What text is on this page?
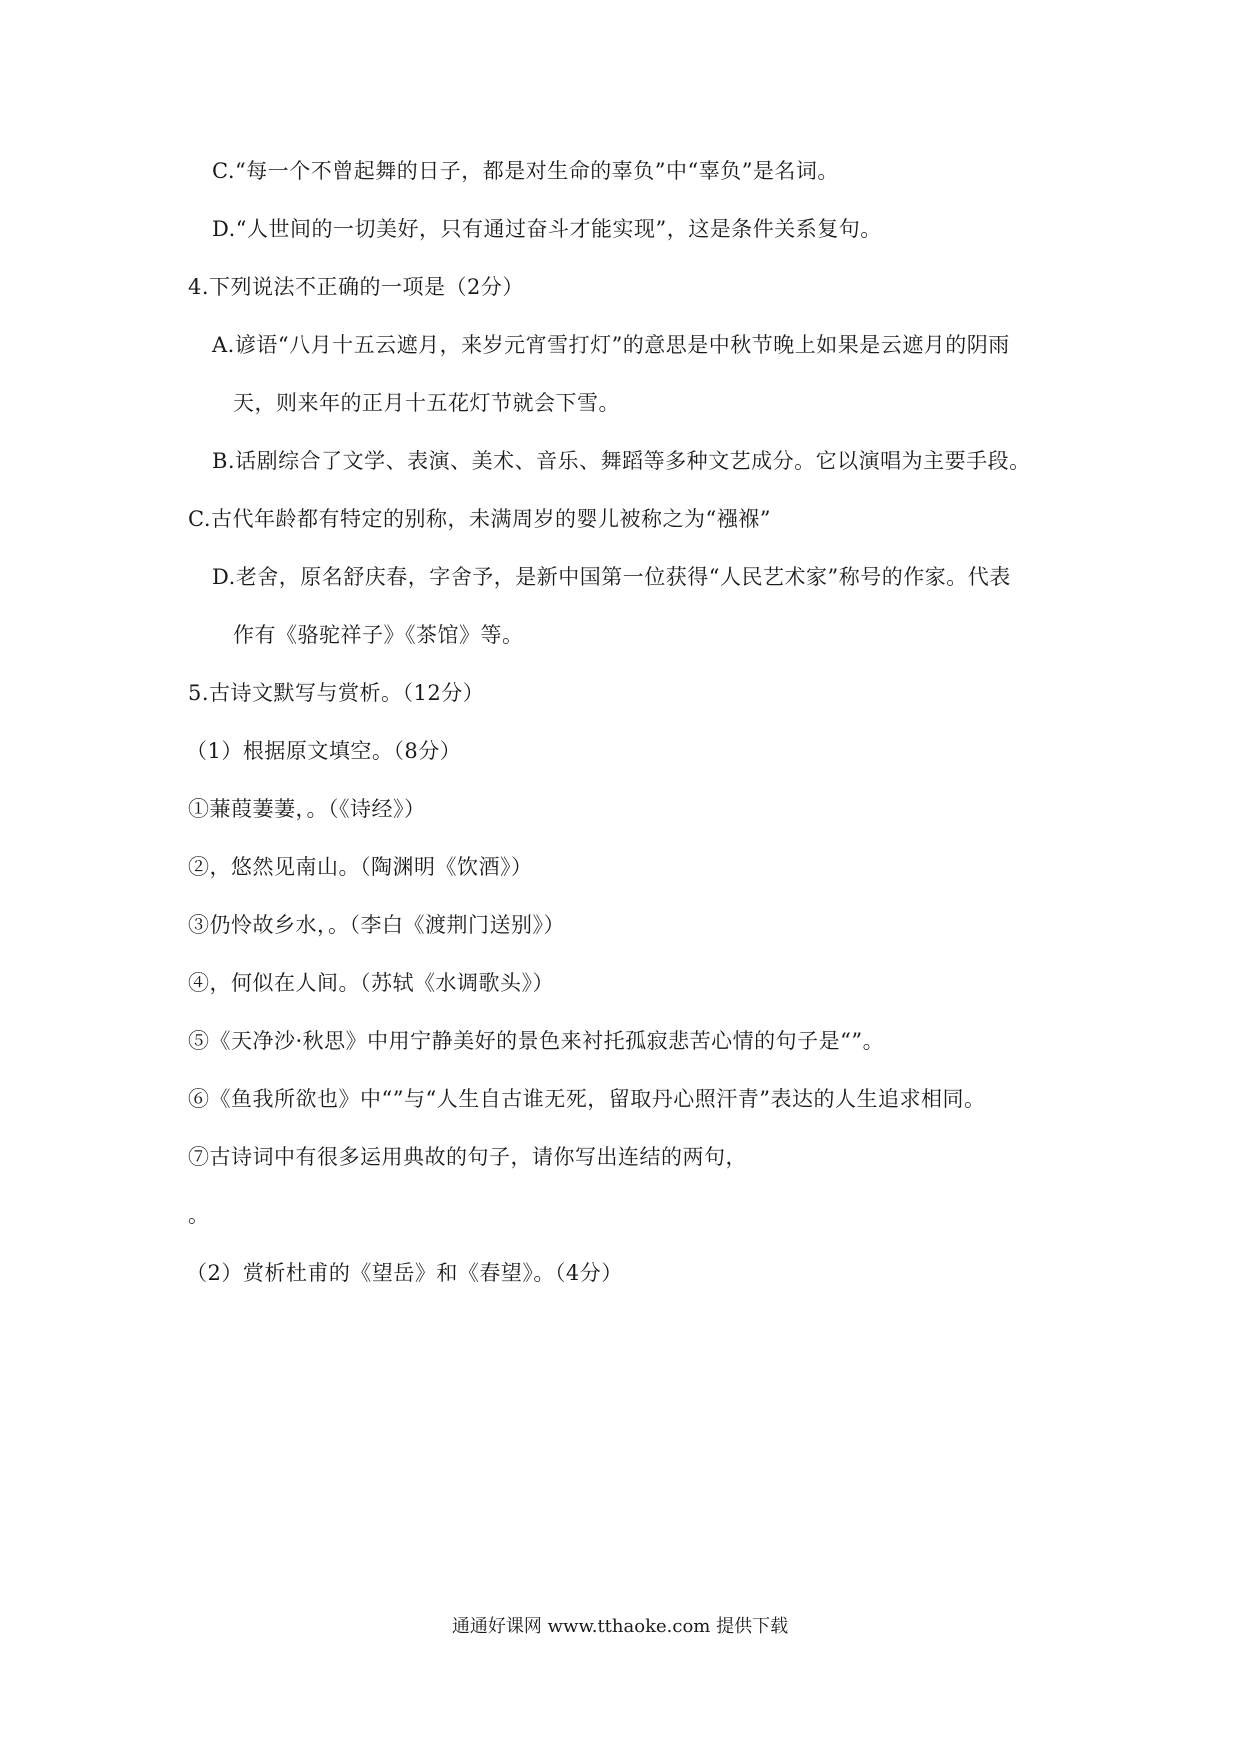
C.“每一个不曾起舞的日子，都是对生命的辜负”中“辜负”是名词。
D.“人世间的一切美好，只有通过奋斗才能实现”，这是条件关系复句。
4.下列说法不正确的一项是（2分）
A.谚语“八月十五云遮月，来岁元宵雪打灯”的意思是中秋节晚上如果是云遮月的阴雨
天，则来年的正月十五花灯节就会下雪。
B.话剧综合了文学、表演、美术、音乐、舞蹈等多种文艺成分。它以演唱为主要手段。
C.古代年龄都有特定的别称，未满周岁的婴儿被称之为“襁褓”
D.老舍，原名舒庆春，字舍予，是新中国第一位获得“人民艺术家”称号的作家。代表
作有《骆驼祥子》《茶馆》等。
5.古诗文默写与赏析。（12分）
（1）根据原文填空。（8分）
①蒹葭萋萋，。（《诗经》）
②，悠然见南山。（陶渊明《饮酒》）
③仍怜故乡水，。（李白《渡荆门送别》）
④，何似在人间。（苏轼《水调歌头》）
⑤《天净沙·秋思》中用宁静美好的景色来衬托孤寂悲苦心情的句子是“”。
⑥《鱼我所欲也》中“”与“人生自古谁无死，留取丹心照汗青”表达的人生追求相同。
⑦古诗词中有很多运用典故的句子，请你写出连结的两句，
。
（2）赏析杜甫的《望岳》和《春望》。（4分）
通通好课网 www.tthaoke.com 提供下载
